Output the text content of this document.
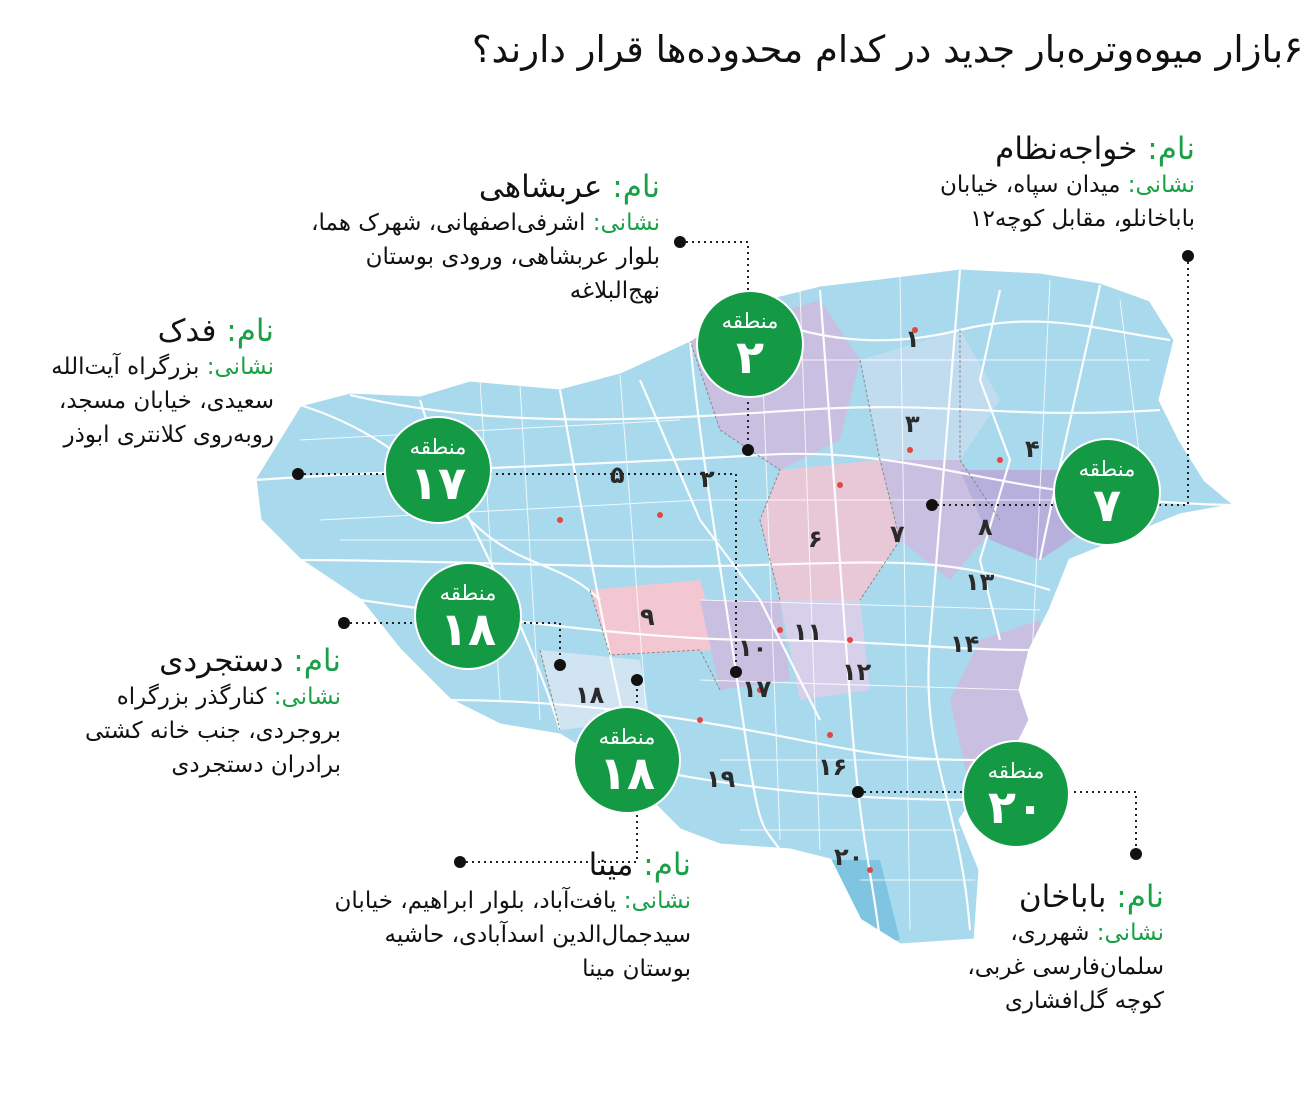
۱
۲
۳
۴
۵
۶	۷	۸
۹
۱۰
۱۱
۱۲
۱۳
۱۴
۱۶
۱۷
۱۸
۱۹
۲۰
۶بازار میوه‌وتره‌بار جدید در کدام محدوده‌ها قرار دارند؟
نام: خواجه‌نظام
نشانی: میدان سپاه، خیابان باباخانلو، مقابل کوچه۱۲
منطقه
۷
نام: عربشاهی
نشانی: اشرفی‌اصفهانی، شهرک هما، بلوار عربشاهی، ورودی بوستان نهج‌البلاغه
منطقه
۲
نام: فدک
نشانی: بزرگراه آیت‌الله سعیدی، خیابان مسجد، روبه‌روی کلانتری ابوذر	منطقه
۱۷
نام: دستجردی
نشانی: کنارگذر بزرگراه بروجردی، جنب خانه کشتی برادران دستجردی
منطقه
۱۸
نام: مینا
نشانی: یافت‌آباد، بلوار ابراهیم، خیابان سیدجمال‌الدین اسدآبادی، حاشیه بوستان مینا
منطقه
۱۸
نام: باباخان
نشانی: شهرری، سلمان‌فارسی غربی، کوچه گل‌افشاری
منطقه
۲۰
